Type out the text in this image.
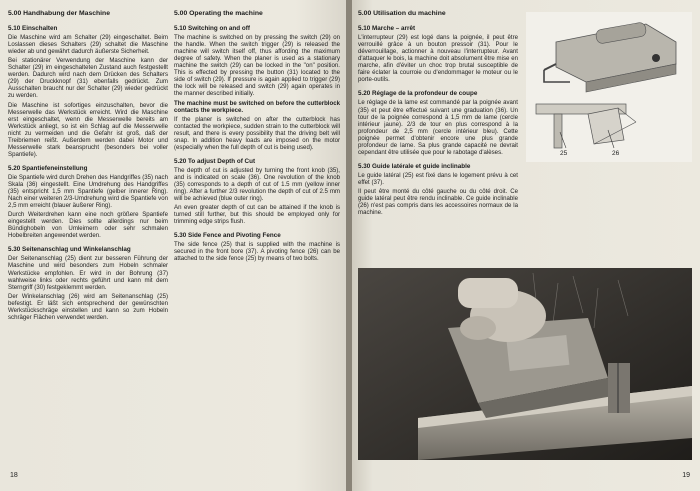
5.00 Handhabung der Maschine
5.10 Einschalten

Die Maschine wird am Schalter (29) eingeschaltet. Beim Loslassen dieses Schalters (29) schaltet die Maschine wieder ab und gewährt dadurch äußerste Sicherheit.

Bei stationärer Verwendung der Maschine kann der Schalter (29) im eingeschalteten Zustand auch festgestellt werden. Dadurch wird nach dem Drücken des Schalters (29) der Druckknopf (31) ebenfalls gedrückt. Zum Ausschalten braucht nur der Schalter (29) wieder gedrückt zu werden.

Die Maschine ist sofortiges einzuschalten, bevor die Messerwelle das Werkstück erreicht. Wird die Maschine erst eingeschaltet, wenn die Messerwelle bereits am Werkstück anliegt, so ist ein Schlag auf die Messerwelle nicht zu vermeiden und die Gefahr ist groß, daß der Treibriemen reißt. Außerdem werden dabei Motor und Messerwelle stark beansprucht (besonders bei voller Spantiefe).

5.20 Spantiefeneinstellung

Die Spantiefe wird durch Drehen des Handgriffes (35) nach Skala (36) eingestellt. Eine Umdrehung des Handgriffes (35) entspricht 1,5 mm Spantiefe (gelber innerer Ring). Nach einer weiteren 2/3-Umdrehung wird die Spantiefe von 2,5 mm erreicht (blauer äußerer Ring).

Durch Weiterdrehen kann eine noch größere Spantiefe eingestellt werden. Dies sollte allerdings nur beim Bündighobeln von Umleimern oder sehr schmalen Hobelbreiten angewendet werden.

5.30 Seitenanschlag und Winkelanschlag

Der Seitenanschlag (25) dient zur besseren Führung der Maschine und wird besonders zum Hobeln schmaler Werkstücke empfohlen. Er wird in der Bohrung (37) wahlweise links oder rechts geführt und kann mit dem Sterngriff (30) festgeklemmt werden.

Der Winkelanschlag (26) wird am Seitenanschlag (25) befestigt. Er läßt sich entsprechend der gewünschten Werkstückschräge einstellen und kann so zum Hobeln schräger Flächen verwendet werden.

5.00 Operating the machine
5.10 Switching on and off

The machine is switched on by pressing the switch (29) on the handle. When the switch trigger (29) is released the machine will switch itself off, thus affording the maximum degree of safety. When the planer is used as a stationary machine the switch (29) can be locked in the "on" position. This is effected by pressing the button (31) located to the side of switch (29). If pressure is again applied to trigger (29) the lock will be released and switch (29) again operates in the manner described initially.

The machine must be switched on before the cutterblock contacts the workpiece.

If the planer is switched on after the cutterblock has contacted the workpiece, sudden strain to the cutterblock will result, and there is every possibility that the driving belt will snap. In addition heavy loads are imposed on the motor (especially when the full depth of cut is being used).

5.20 To adjust Depth of Cut

The depth of cut is adjusted by turning the front knob (35), and is indicated on scale (36). One revolution of the knob (35) corresponds to a depth of cut of 1.5 mm (yellow inner ring). After a further 2/3 revolution the depth of cut of 2.5 mm will be achieved (blue outer ring).

An even greater depth of cut can be attained if the knob is turned still further, but this should be employed only for trimming edge strips flush.

5.30 Side Fence and Pivoting Fence

The side fence (25) that is supplied with the machine is secured in the front bore (37). A pivoting fence (26) can be attached to the side fence (25) by means of two bolts.

18
5.00 Utilisation du machine
5.10 Marche – arrêt

L'interrupteur (29) est logé dans la poignée, il peut être verrouillé grâce à un bouton pressoir (31). Pour le déverrouillage, actionner à nouveau l'interrupteur. Avant d'attaquer le bois, la machine doit absolument être mise en marche, afin d'éviter un choc trop brutal susceptible de faire éclater la courroie ou d'endommager le moteur ou le porte-outils.

5.20 Réglage de la profondeur de coupe

Le réglage de la lame est commandé par la poignée avant (35) et peut être effectué suivant une graduation (36). Un tour de la poignée correspond à 1,5 mm de lame (cercle intérieur jaune). 2/3 de tour en plus correspond à la profondeur de 2,5 mm (cercle intérieur bleu). Cette poignée permet d'obtenir encore une plus grande profondeur de lame. Sa plus grande capacité ne devrait cependant être utilisée que pour le rabotage d'alèses.

5.30 Guide latérale et guide inclinable

Le guide latéral (25) est fixé dans le logement prévu à cet effet (37).

Il peut être monté du côté gauche ou du côté droit. Ce guide latéral peut être rendu inclinable. Ce guide inclinable (26) n'est pas compris dans les accessoires normaux de la machine.

25	26
19
